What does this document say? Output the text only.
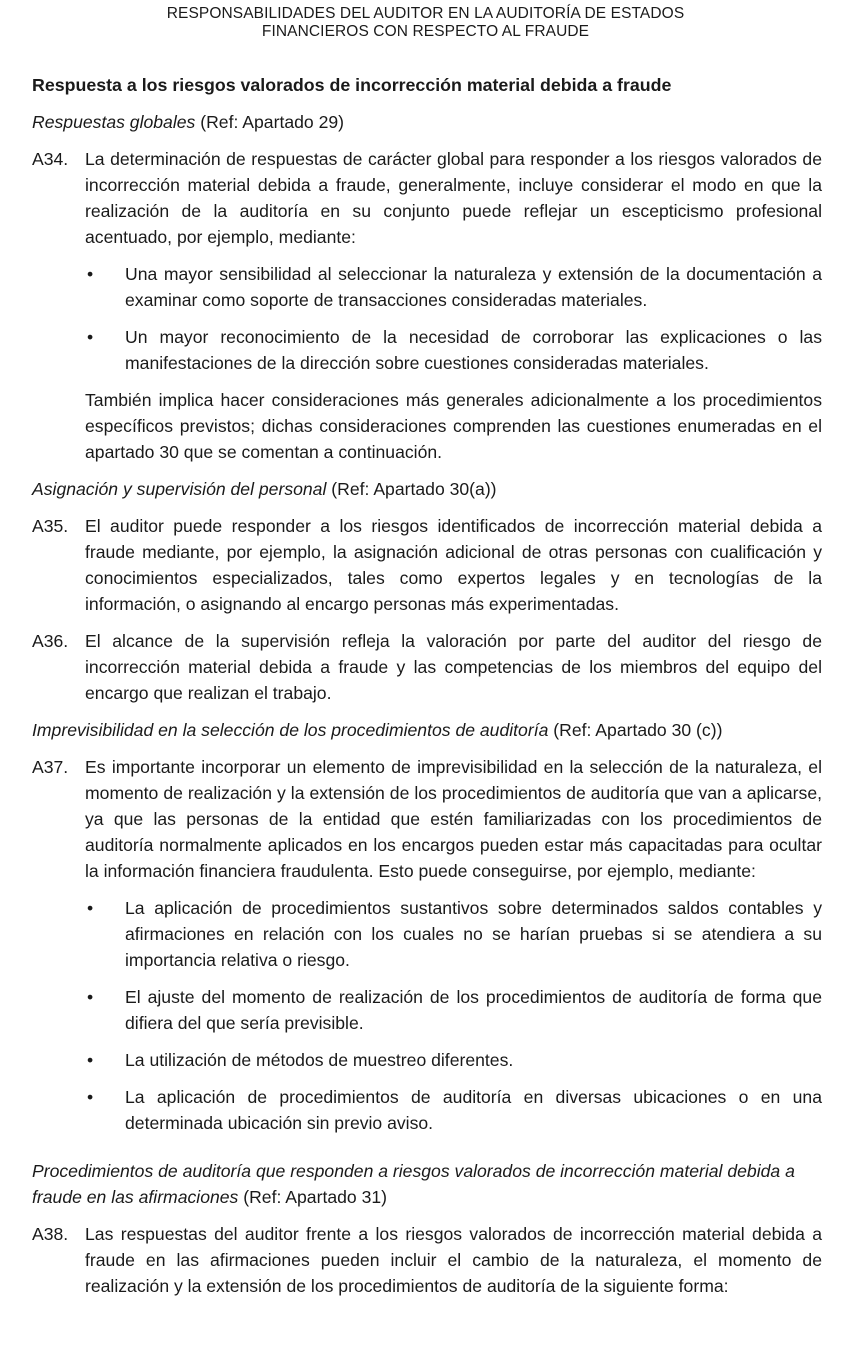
RESPONSABILIDADES DEL AUDITOR EN LA AUDITORÍA DE ESTADOS
FINANCIEROS CON RESPECTO AL FRAUDE
Respuesta a los riesgos valorados de incorrección material debida a fraude
Respuestas globales (Ref: Apartado 29)
A34. La determinación de respuestas de carácter global para responder a los riesgos valorados de incorrección material debida a fraude, generalmente, incluye considerar el modo en que la realización de la auditoría en su conjunto puede reflejar un escepticismo profesional acentuado, por ejemplo, mediante:

•	Una mayor sensibilidad al seleccionar la naturaleza y extensión de la documentación a examinar como soporte de transacciones consideradas materiales.
•	Un mayor reconocimiento de la necesidad de corroborar las explicaciones o las manifestaciones de la dirección sobre cuestiones consideradas materiales.

También implica hacer consideraciones más generales adicionalmente a los procedimientos específicos previstos; dichas consideraciones comprenden las cuestiones enumeradas en el apartado 30 que se comentan a continuación.

Asignación y supervisión del personal (Ref: Apartado 30(a))
A35. El auditor puede responder a los riesgos identificados de incorrección material debida a fraude mediante, por ejemplo, la asignación adicional de otras personas con cualificación y conocimientos especializados, tales como expertos legales y en tecnologías de la información, o asignando al encargo personas más experimentadas.

A36. El alcance de la supervisión refleja la valoración por parte del auditor del riesgo de incorrección material debida a fraude y las competencias de los miembros del equipo del encargo que realizan el trabajo.

Imprevisibilidad en la selección de los procedimientos de auditoría (Ref: Apartado 30 (c))
A37. Es importante incorporar un elemento de imprevisibilidad en la selección de la naturaleza, el momento de realización y la extensión de los procedimientos de auditoría que van a aplicarse, ya que las personas de la entidad que estén familiarizadas con los procedimientos de auditoría normalmente aplicados en los encargos pueden estar más capacitadas para ocultar la información financiera fraudulenta. Esto puede conseguirse, por ejemplo, mediante:

•	La aplicación de procedimientos sustantivos sobre determinados saldos contables y afirmaciones en relación con los cuales no se harían pruebas si se atendiera a su importancia relativa o riesgo.
•	El ajuste del momento de realización de los procedimientos de auditoría de forma que difiera del que sería previsible.
•	La utilización de métodos de muestreo diferentes.
•	La aplicación de procedimientos de auditoría en diversas ubicaciones o en una determinada ubicación sin previo aviso.
Procedimientos de auditoría que responden a riesgos valorados de incorrección material debida a fraude en las afirmaciones (Ref: Apartado 31)
A38. Las respuestas del auditor frente a los riesgos valorados de incorrección material debida a fraude en las afirmaciones pueden incluir el cambio de la naturaleza, el momento de realización y la extensión de los procedimientos de auditoría de la siguiente forma:
